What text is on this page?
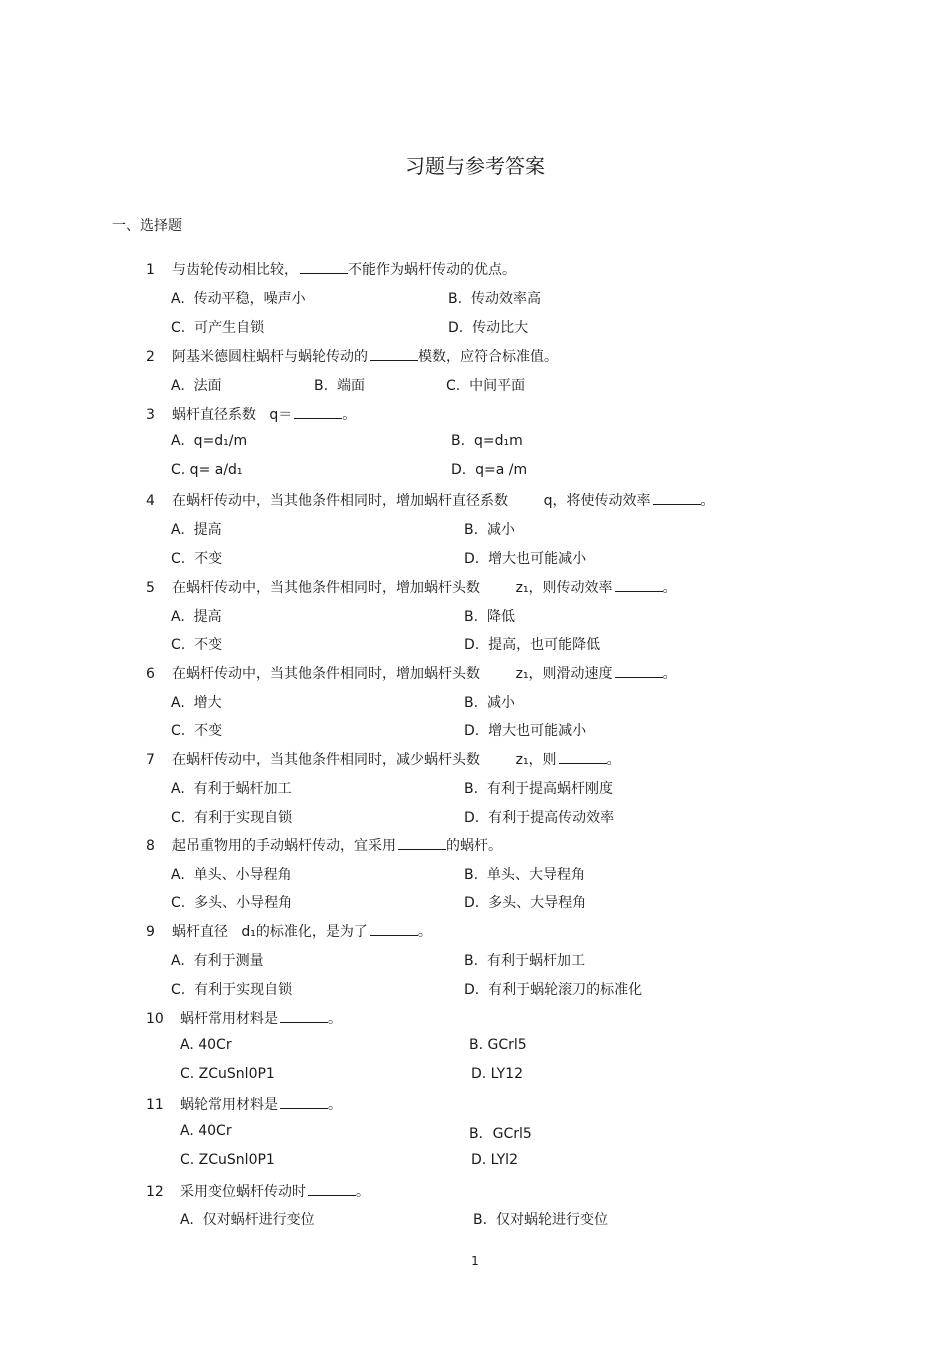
习题与参考答案
一、选择题
1 与齿轮传动相比较，	不能作为蜗杆传动的优点。
A.  传动平稳，噪声小	B.  传动效率高
C.  可产生自锁	D.  传动比大
2 阿基米德圆柱蜗杆与蜗轮传动的	模数，应符合标准值。
A.  法面	B.  端面	C.  中间平面
3 蜗杆直径系数   q＝	。
A.  q=d₁/m	B.  q=d₁m
C. q= a/d₁	D.  q=a /m
4 在蜗杆传动中，当其他条件相同时，增加蜗杆直径系数        q，将使传动效率	。
A.  提高	B.  减小
C.  不变	D.  增大也可能减小
5 在蜗杆传动中，当其他条件相同时，增加蜗杆头数        z₁，则传动效率	。
A.  提高	B.  降低
C.  不变	D.  提高，也可能降低
6 在蜗杆传动中，当其他条件相同时，增加蜗杆头数        z₁，则滑动速度	。
A.  增大	B.  减小
C.  不变	D.  增大也可能减小
7 在蜗杆传动中，当其他条件相同时，减少蜗杆头数        z₁，则	。
A.  有利于蜗杆加工	B.  有利于提高蜗杆刚度
C.  有利于实现自锁	D.  有利于提高传动效率
8 起吊重物用的手动蜗杆传动，宜采用	的蜗杆。
A.  单头、小导程角	B.  单头、大导程角
C.  多头、小导程角	D.  多头、大导程角
9 蜗杆直径   d₁的标准化，是为了	。
A.  有利于测量	B.  有利于蜗杆加工
C.  有利于实现自锁	D.  有利于蜗轮滚刀的标准化
10 蜗杆常用材料是	。
A. 40Cr	B. GCrl5
C. ZCuSnl0P1	D. LY12
11 蜗轮常用材料是	。
A. 40Cr	B．GCrl5
C. ZCuSnl0P1	D. LYl2
12 采用变位蜗杆传动时	。
A.  仅对蜗杆进行变位	B.  仅对蜗轮进行变位
1
